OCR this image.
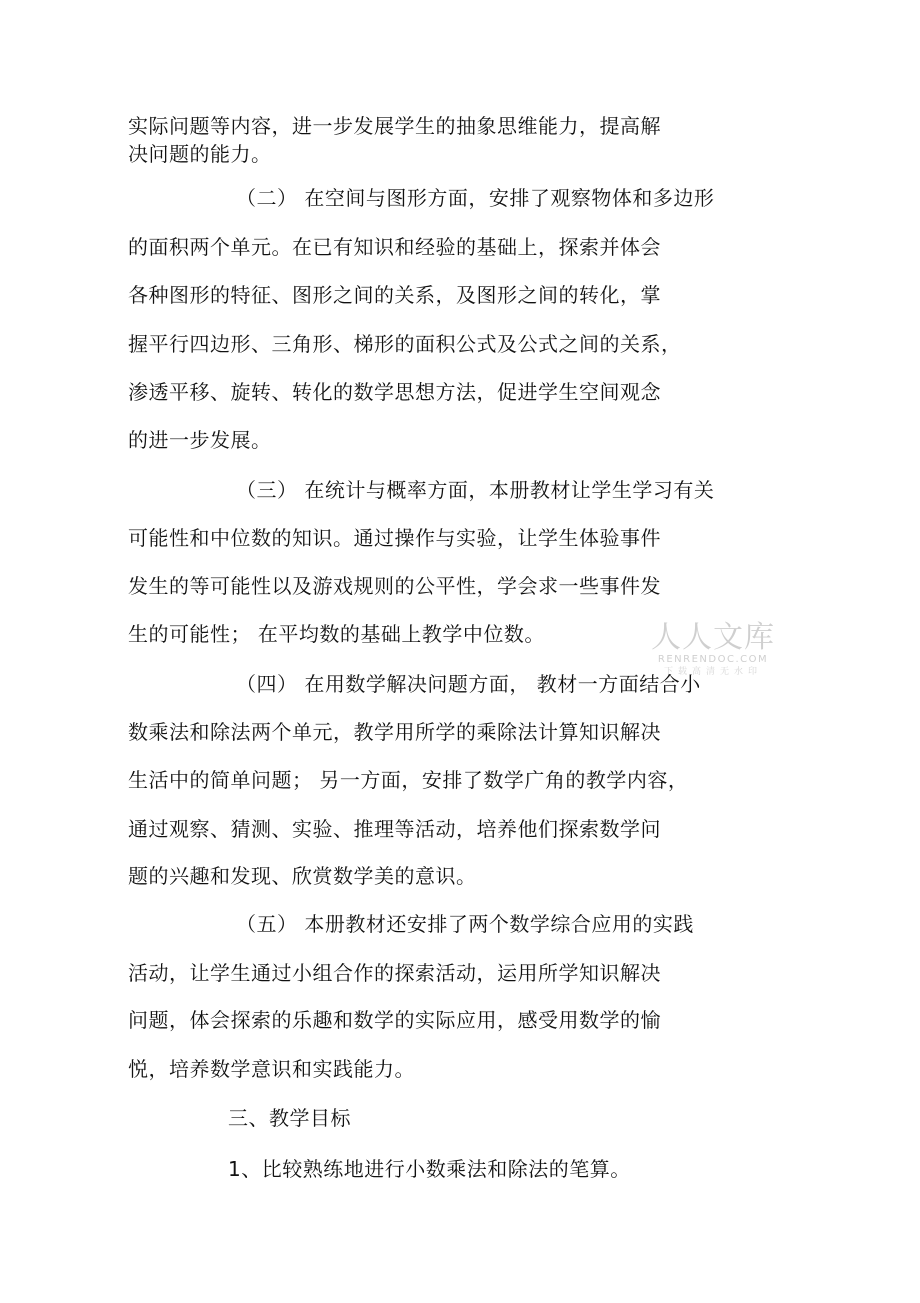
实际问题等内容，进一步发展学生的抽象思维能力，提高解
决问题的能力。
（二） 在空间与图形方面，安排了观察物体和多边形
的面积两个单元。在已有知识和经验的基础上，探索并体会
各种图形的特征、图形之间的关系，及图形之间的转化，掌
握平行四边形、三角形、梯形的面积公式及公式之间的关系，
渗透平移、旋转、转化的数学思想方法，促进学生空间观念
的进一步发展。
（三） 在统计与概率方面，本册教材让学生学习有关
可能性和中位数的知识。通过操作与实验，让学生体验事件
发生的等可能性以及游戏规则的公平性，学会求一些事件发
生的可能性； 在平均数的基础上教学中位数。
（四） 在用数学解决问题方面， 教材一方面结合小
数乘法和除法两个单元，教学用所学的乘除法计算知识解决
生活中的简单问题； 另一方面，安排了数学广角的教学内容，
通过观察、猜测、实验、推理等活动，培养他们探索数学问
题的兴趣和发现、欣赏数学美的意识。
（五） 本册教材还安排了两个数学综合应用的实践
活动，让学生通过小组合作的探索活动，运用所学知识解决
问题，体会探索的乐趣和数学的实际应用，感受用数学的愉
悦，培养数学意识和实践能力。
三、教学目标
1、比较熟练地进行小数乘法和除法的笔算。
人人文库
RENRENDOC.COM
下载高清无水印
